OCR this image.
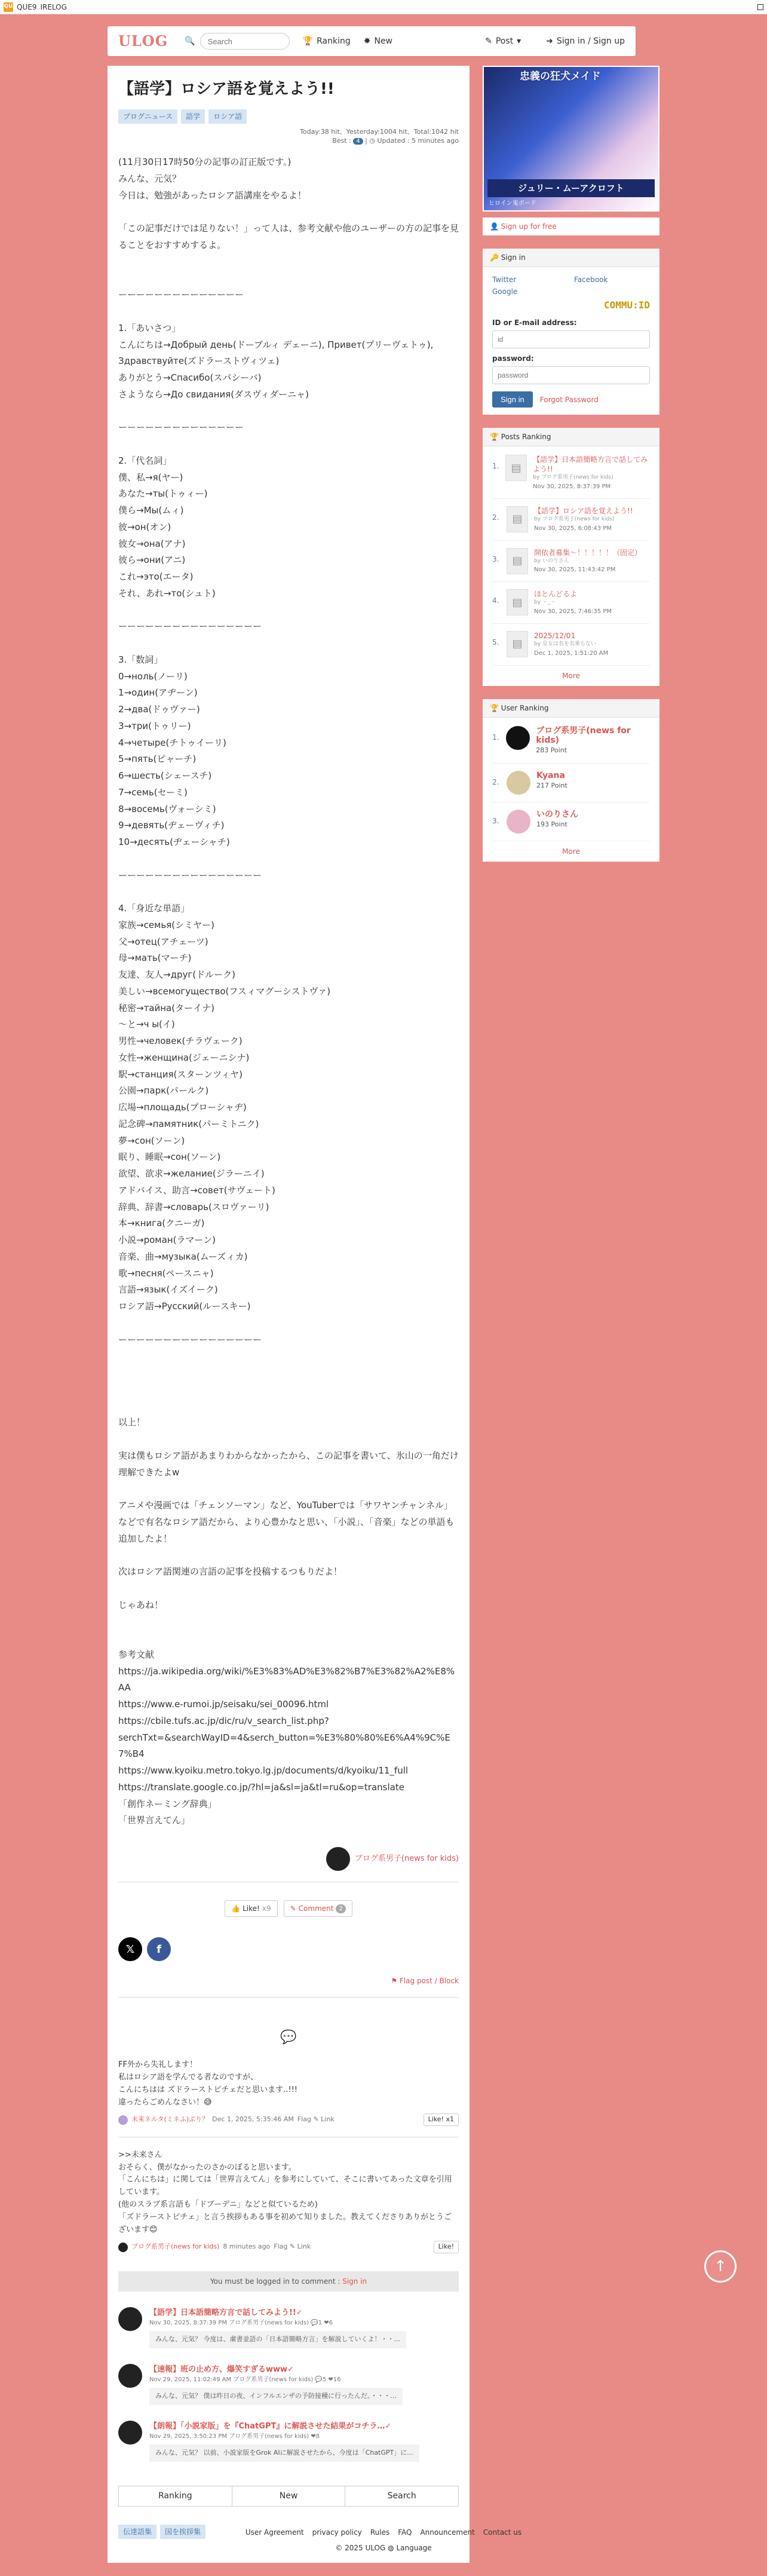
QU QUE9 IRELOG
ULOG 🔍
Search	🏆 Ranking ✸ New	✎ Post ▾	➜ Sign in / Sign up
【語学】ロシア語を覚えよう!!
ブログニュース	語学	ロシア語
Today:38 hit、Yesterday:1004 hit、Total:1042 hit
Best : 4 | ◷ Updated : 5 minutes ago
(11月30日17時50分の記事の訂正版です。)
みんな、元気？
今日は、勉強があったロシア語講座をやるよ！

「この記事だけでは足りない！」って人は、参考文献や他のユーザーの方の記事を見ることをおすすめするよ。

ーーーーーーーーーーーーーー

1.「あいさつ」
こんにちは→Добрый день(ドーブルィ デェーニ), Привет(プリーヴェトゥ),
Здравствуйте(ズドラーストヴィツェ)
ありがとう→Спасибо(スパシーバ)
さようなら→До свидания(ダスヴィダーニャ)

ーーーーーーーーーーーーーー

2.「代名詞」
僕、私→я(ヤー)
あなた→ты(トゥィー)
僕ら→Мы(ムィ)
彼→он(オン)
彼女→она(アナ)
彼ら→они(アニ)
これ→это(エータ)
それ、あれ→то(シュト)

ーーーーーーーーーーーーーーーー

3.「数詞」
0→ноль(ノーリ)
1→один(アヂーン)
2→два(ドゥヴァー)
3→три(トゥリー)
4→четыре(チトゥイーリ)
5→пять(ピャーチ)
6→шесть(シェースチ)
7→семь(セーミ)
8→восемь(ヴォーシミ)
9→девять(ヂェーヴィチ)
10→десять(ヂェーシャチ)

ーーーーーーーーーーーーーーーー

4.「身近な単語」
家族→семья(シミヤー)
父→отец(アチェーツ)
母→мать(マーチ)
友達、友人→друг(ドルーク)
美しい→всемогущество(フスィマグーシストヴァ)
秘密→тайна(ターイナ)
～と→ч ы(イ)
男性→человек(チラヴェーク)
女性→женщина(ジェーニシナ)
駅→станция(スターンツィヤ)
公園→парк(パールク)
広場→площадь(プローシャヂ)
記念碑→памятник(パーミトニク)
夢→сон(ソーン)
眠り、睡眠→сон(ソーン)
欲望、欲求→желание(ジラーニイ)
アドバイス、助言→совет(サヴェート)
辞典、辞書→словарь(スロヴァーリ)
本→книга(クニーガ)
小説→роман(ラマーン)
音楽、曲→музыка(ムーズィカ)
歌→песня(ペースニャ)
言語→язык(イズイーク)
ロシア語→Русский(ルースキー)

ーーーーーーーーーーーーーーーー

以上！

実は僕もロシア語があまりわからなかったから、この記事を書いて、氷山の一角だけ理解できたよw

アニメや漫画では「チェンソーマン」など、YouTuberでは「サワヤンチャンネル」などで有名なロシア語だから、より心豊かなと思い、「小説」、「音楽」などの単語も追加したよ！

次はロシア語関連の言語の記事を投稿するつもりだよ！

じゃあね！

参考文献
https://ja.wikipedia.org/wiki/%E3%83%AD%E3%82%B7%E3%82%A2%E8%AA
https://www.e-rumoi.jp/seisaku/sei_00096.html
https://cbile.tufs.ac.jp/dic/ru/v_search_list.php?
serchTxt=&searchWayID=4&serch_button=%E3%80%80%E6%A4%9C%E7%B4
https://www.kyoiku.metro.tokyo.lg.jp/documents/d/kyoiku/11_full
https://translate.google.co.jp/?hl=ja&sl=ja&tl=ru&op=translate
「創作ネーミング辞典」
「世界言えてん」
ブログ系男子(news for kids)
👍 Like! x9	✎ Comment 2
𝕏	f
⚑ Flag post / Block
💬
FF外から失礼します！
私はロシア語を学んでる者なのですが、
こんにちはは ズドラーストビチェだと思います..!!!
違ったらごめんなさい！😅
未来ネルタ(ミネふ)ぶり？ Dec 1, 2025, 5:35:46 AM Flag ✎ Link	Like! x1
>>未来さん
おそらく、僕がなかったのさかのぼると思います。
「こんにちは」に関しては「世界言えてん」を参考にしていて、そこに書いてあった文章を引用しています。
(他のスラブ系言語も「ドブーデニ」などと似ているため)
「ズドラーストビチェ」と言う挨拶もある事を初めて知りました。教えてくださりありがとうございます😊
ブログ系男子(news for kids) 8 minutes ago Flag ✎ Link	Like!
You must be logged in to comment : Sign in
【語学】日本語簡略方言で話してみよう!!✓
Nov 30, 2025, 8:37:39 PM ブログ系男子(news for kids) 💬1 ❤6
みんな、元気？ 今度は、粛書並語の「日本語簡略方言」を解説していくよ！・・...
【速報】班の止め方、爆笑すぎるwww✓
Nov 29, 2025, 11:02:49 AM ブログ系男子(news for kids) 💬5 ❤16
みんな、元気？ 僕は昨日の夜、インフルエンザの予防接種に行ったんだ。・・・...
【朗報】「小説家版」を『ChatGPT』に解説させた結果がコチラ…✓
Nov 29, 2025, 3:50:23 PM ブログ系男子(news for kids) ❤8
みんな、元気？ 以前、小説家版をGrok AIに解説させたから、今度は「ChatGPT」に...
Ranking	New	Search
伝達語集	国を挨拶集
忠義の狂犬メイド
ジュリー・ムーアクロフト
ヒロイン鬼ボード
👤 Sign up for free
🔑 Sign in
Twitter	Facebook
Google
COMMU:ID
ID or E-mail address:
id
password:
Sign in	Forgot Password
🏆 Posts Ranking
1.	▤
【語学】日本語簡略方言で話してみよう!!
by ブログ系男子(news for kids)
Nov 30, 2025, 8:37:39 PM
2.	▤
【語学】ロシア語を覚えよう!!
by ブログ系男子(news for kids)
Nov 30, 2025, 6:08:43 PM
3.	▤
開依者募集〜！！！！！（固定）
by いのりさん
Nov 30, 2025, 11:43:42 PM
4.	▤
ほとんどるよ
by ・_・
Nov 30, 2025, 7:46:35 PM
5.	▤
2025/12/01
by 皇女は名を名乗らない
Dec 1, 2025, 1:51:20 AM
More
🏆 User Ranking
1.
ブログ系男子(news for kids)
283 Point
2.
Kyana
217 Point
3.
いのりさん
193 Point
More
↑
User Agreement privacy policy Rules FAQ Announcement Contact us
© 2025 ULOG ◍ Language
